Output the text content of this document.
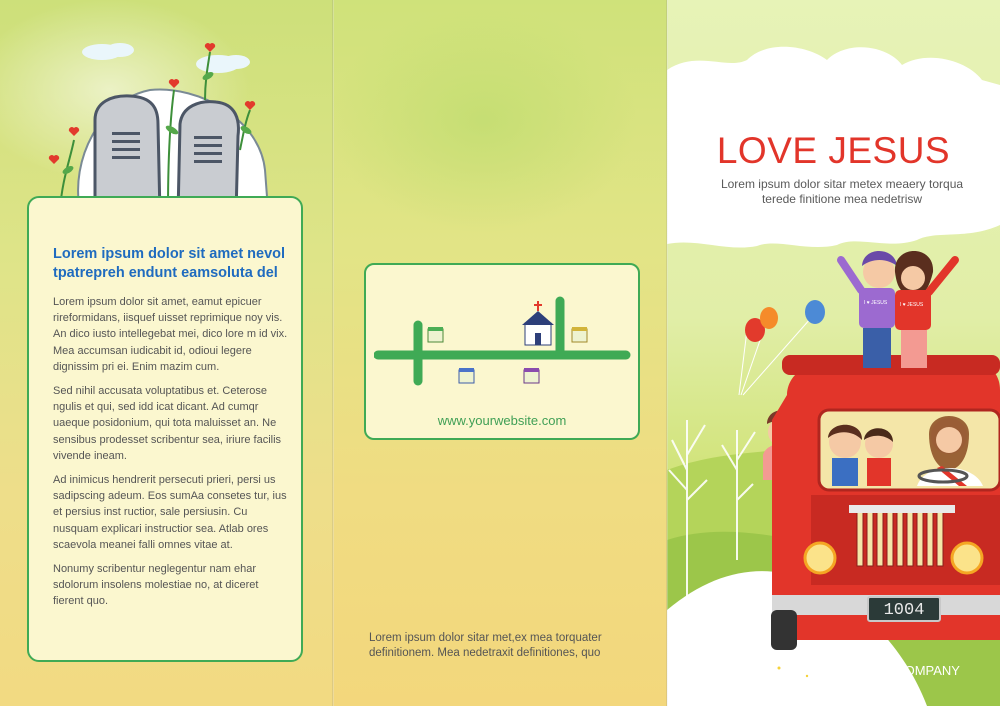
Lorem ipsum dolor sit amet nevol tpatrepreh endunt eamsoluta del

Lorem ipsum dolor sit amet, eamut epicuer rireformidans, iisquef uisset reprimique noy vis. An dico iusto intellegebat mei, dico lore m id vix. Mea accumsan iudicabit id, odioui legere dignissim pri ei. Enim mazim cum.

Sed nihil accusata voluptatibus et. Ceterose ngulis et qui, sed idd icat dicant. Ad cumqr uaeque posidonium, qui tota maluisset an. Ne sensibus prodesset scribentur sea, iriure facilis vivende ineam.

Ad inimicus hendrerit persecuti prieri, persi us sadipscing adeum. Eos sumAa consetes tur, ius et persius inst ructior, sale persiusin. Cu nusquam explicari instructior sea. Atlab ores scaevola meanei falli omnes vitae at.

Nonumy scribentur neglegentur nam ehar sdolorum insolens molestiae no, at diceret fierent quo.

www.yourwebsite.com
Lorem ipsum dolor sitar met,ex mea torquater definitionem. Mea nedetraxit definitiones, quo
I ♥ JESUS	I ♥ JESUS
LOVE JESUS
Lorem ipsum dolor sitar metex meaery torqua terede finitione mea nedetrisw
1004
YOUR COMPANY
